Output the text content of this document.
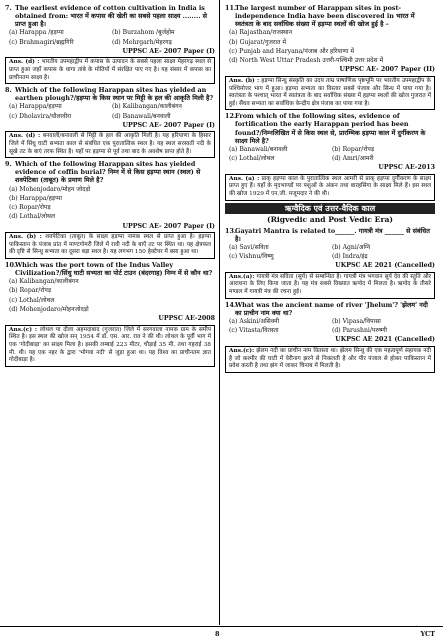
7. The earliest evidence of cotton cultivation in India is obtained from: भारत में कपास की खेती का सबसे पहला साक्ष्य ........ से प्राप्त हुआ है।
(a) Harappa /हड़प्पा	(b) Burzahom /बुर्जहोम
(c) Brahmagiri/ब्रह्मगिरि	(d) Mehrgarh/मेहरगढ़
UPPSC AE- 2007 Paper (I)
Ans. (d) : भारतीय उपमहाद्वीप में कपास के उत्पादन के सबसे पहला साक्ष्य मेहरगढ़ स्थल से प्राप्त हुआ जहाँ कपास के धागा तांबे के मोतियों में संरक्षित पाए गए है। यह संसार में कपास का प्राचीनतम साक्ष्य है।
8. Which of the following Harappan sites has yielded an earthen plough?/हड़प्पा के किस स्थान पर मिट्टी के हल की आकृति मिली है?
(a) Harappa/हड़प्पा	(b) Kalibangan/कालीबंगन
(c) Dholavira/धौलावीरा	(d) Banawali/बनवाली
UPPSC AE- 2007 Paper (I)
Ans. (d) : बनवाली/बनावली से मिट्टी के हल की आकृति मिली है। यह हरियाणा के हिसार जिले में सिंधु घाटी सभ्यता काल से संबंधित एक पुरातात्विक स्थल है। यह स्थल सरस्वती नदी के सूखे तट के बाएं तरफ स्थित है। यहाँ पर हड़प्पा से पूर्व तथा बाद के अवशेष प्राप्त होते हैं।
9. Which of the following Harappan sites has yielded evidence of coffin burial? निम्न में से किस हड़प्पा स्थान (स्थल) से शवपेटिका (ताबूत) के प्रमाण मिले है?
(a) Mohenjodaro/मोहन जोदड़ो
(b) Harappa/हड़प्पा
(c) Ropar/रोपड़
(d) Lothal/लोथल
UPPSC AE- 2007 Paper (I)
Ans. (b) : शवपेटिका (ताबूत) के साक्ष्य हड़प्पा नामक स्थल से प्राप्त हुआ है। हड़प्पा पाकिस्तान के पंजाब प्रांत में माण्टगोमरी जिले में रावी नदी के बाएँ तट पर स्थित था। यह क्षेत्रफल की दृष्टि से सिन्धु सभ्यता का दूसरा बड़ा स्थल है। यह लगभग 150 हेक्टेयर में बसा हुआ था।
10.
Which was the port town of the Indus Valley Civilization?/सिंधु घाटी सभ्यता का पोर्ट टाउन (बंदरगाह) निम्न में से कौन था?
(a) Kalibangan/कालीबंगन
(b) Ropar/रोपड़
(c) Lothal/लोथल
(d) Mohenjodaro/मोहनजोदड़ो
UPPSC AE-2008
Ans.(c) : लोथल या दौला अहमदाबाद (गुजरात) जिले में सरगवाला नामक ग्राम के समीप स्थित है। इस स्थल की खोज सन् 1954 में डॉ. एस. आर. राव ने की थी। लोथल के पूर्वी भाग में एक 'गोदीबाड़ा' का साक्ष्य मिला है। इसकी लम्बाई 223 मीटर, चौड़ाई 35 मी. तथा गहराई 38 मी. थी। यह एक नहर के द्वारा 'भोगवा नदी' से जुड़ा हुआ था। यह विश्व का प्राचीनतम ज्ञात गोदीबाड़ा है।
11.
The largest number of Harappan sites in post-independence India have been discovered in भारत में स्वतंत्रता के बाद सर्वाधिक संख्या में हड़प्पा स्थलों की खोज हुई है –
(a) Rajasthan/राजस्थान
(b) Gujarat/गुजरात में
(c) Punjab and Haryana/पंजाब और हरियाणा में
(d) North West Uttar Pradesh उत्तरी-पश्चिमी उत्तर प्रदेश में
UPPSC AE- 2007 Paper (II)
Ans. (b) : हड़प्पा सिन्धु संस्कृति का उदय ताम्र पाषाणिक पृष्ठभूमि पर भारतीय उपमहाद्वीप के पश्चिमोत्तर भाग में हुआ। हड़प्पा सभ्यता का विस्तार सबसे पंजाब और सिन्ध में पाया गया है। स्वतंत्रता के पश्चात् भारत में स्वतंत्रता के बाद सर्वाधिक संख्या में हड़प्पा स्थलों की खोज गुजरात में हुई। सैंधव सभ्यता का सर्वाधिक केन्द्रीय क्षेत्र पंजाब का पाया गया है।
12.
From which of the following sites, evidence of fortification the early Harappan period has been found?/निम्नलिखित में से किस स्थल से, प्रारम्भिक हड़प्पा काल में दुर्गीकरण के साक्ष्य मिले है?
(a) Banawali/बनावली	(b) Ropar/रोपड़
(c) Lothal/लोथल	(d) Amri/आमरी
UPPSC AE-2013
Ans. (a) : प्राक् हड़प्पा काल के पुरातात्विक स्थल आमरी से प्राक् हड़प्पा दुर्गीकरण के साक्ष्य प्राप्त हुए हैं। यहाँ के मृदभाण्डों पर पशुओं के अंकन तथा बारहसिंगा के साक्ष्य मिले हैं। इस स्थल की खोज 1929 में एन.जी. मजूमदार ने की थी।
ऋग्वैदिक एवं उत्तर-वैदिक काल
(Rigvedic and Post Vedic Era)
13.
Gayatri Mantra is related to______. गायत्री मंत्र ______ से संबंधित है।
(a) Savi/सविता	(b) Agni/अग्नि
(c) Vishnu/विष्णु	(d) Indra/इंद्र
UKPSC AE 2021 (Cancelled)
Ans.(a): गायत्री मंत्र सविता (सूर्य) से सम्बन्धित है। गायत्री मंत्र भगवान सूर्य देव की स्तुति और आराधना के लिए किया जाता है। यह मंत्र सबसे विख्यात ऋग्वेद में मिलता है। ऋग्वेद के तीसरे मण्डल में गायत्री मंत्र की रचना हुई।
14.
What was the ancient name of river 'Jhelum'? 'झेलम' नदी का प्राचीन नाम क्या था?
(a) Askini/असिक्नी	(b) Vipasa/विपासा
(c) Vitasta/वितस्ता	(d) Parushni/परुष्णी
UKPSC AE 2021 (Cancelled)
Ans.(c): झेलम नदी का प्राचीन नाम वितस्ता था। झेलम सिन्धु की एक महत्वपूर्ण सहायक नदी है जो कश्मीर की घाटी में वेरीनाग झरने से निकलती है और पीर पंजाल से होकर पाकिस्तान में प्रवेश करती है तथा झंग में जाकर चिनाब में मिलती है।
8	YCT
